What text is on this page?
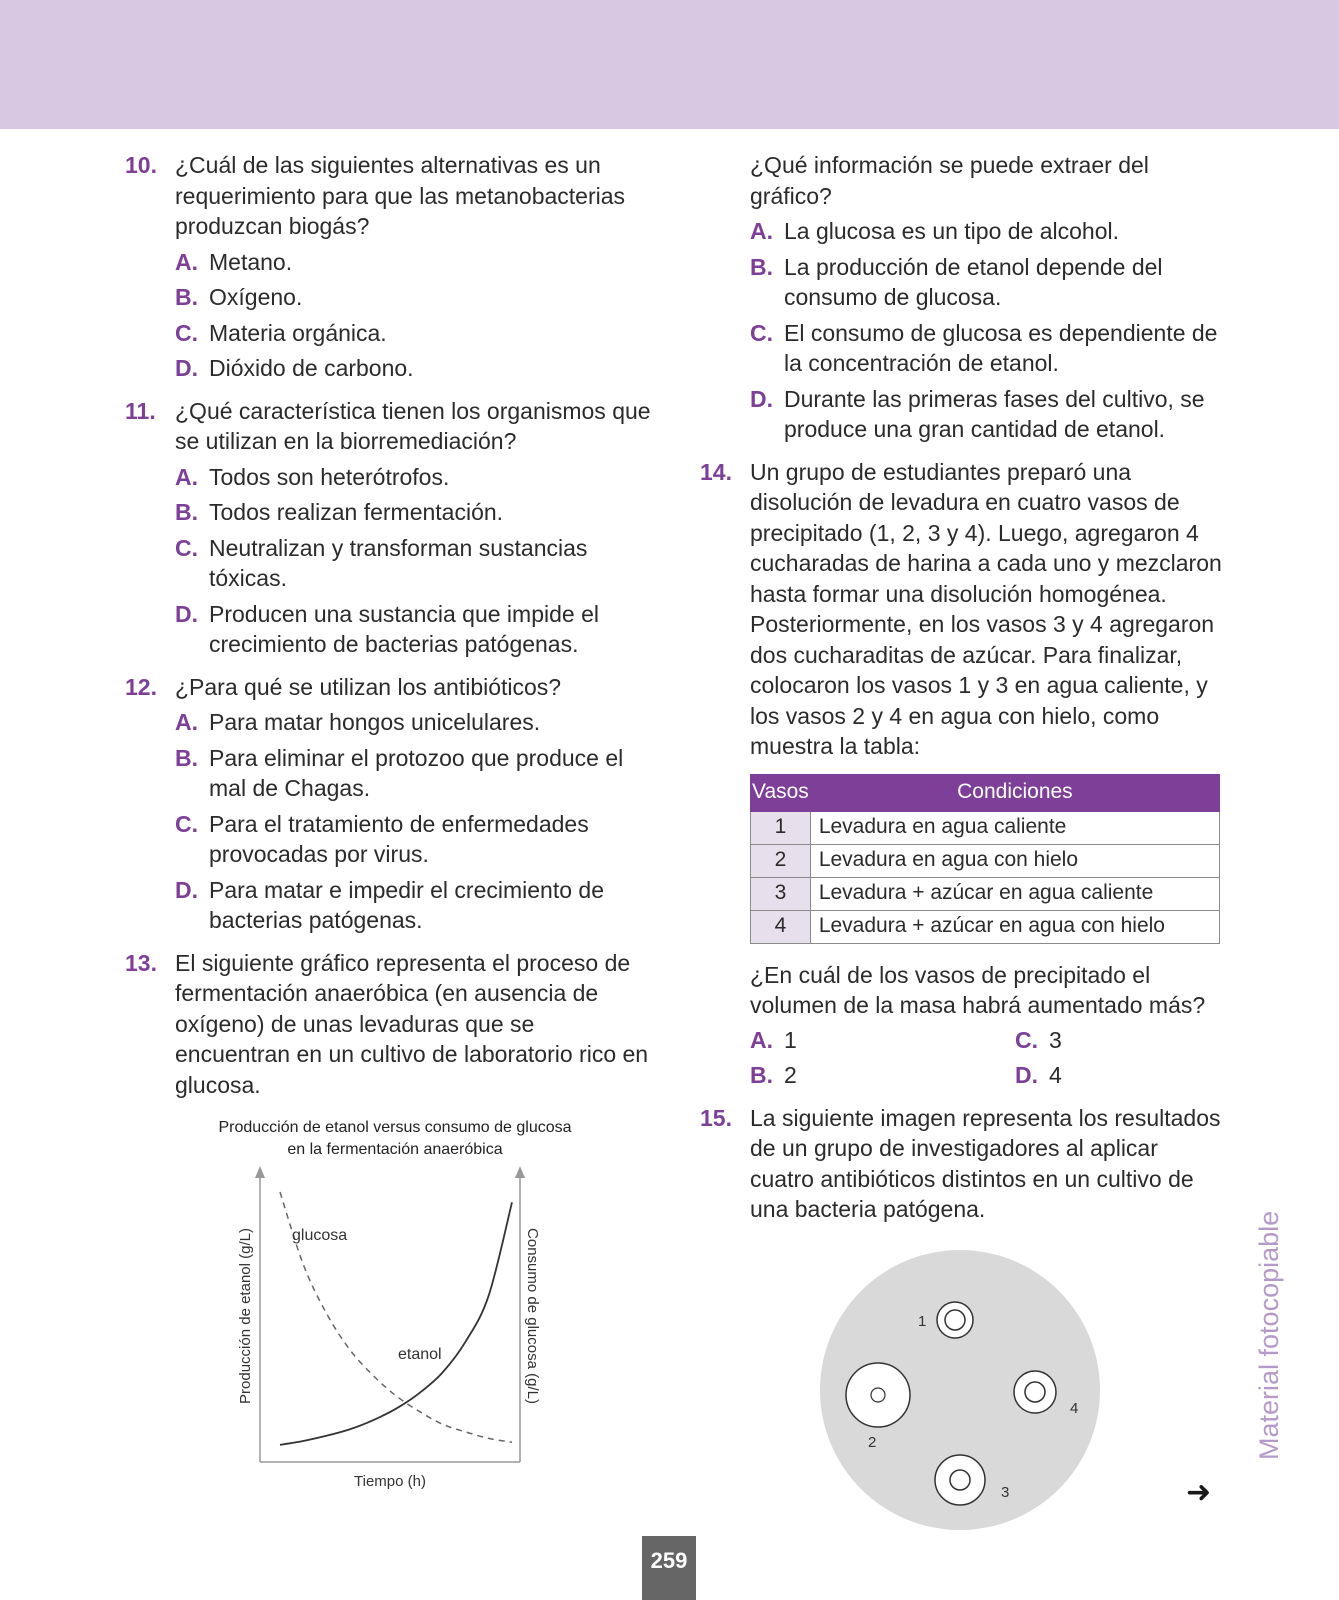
10. ¿Cuál de las siguientes alternativas es un requerimiento para que las metanobacterias produzcan biogás?
A. Metano.
B. Oxígeno.
C. Materia orgánica.
D. Dióxido de carbono.
11. ¿Qué característica tienen los organismos que se utilizan en la biorremediación?
A. Todos son heterótrofos.
B. Todos realizan fermentación.
C. Neutralizan y transforman sustancias tóxicas.
D. Producen una sustancia que impide el crecimiento de bacterias patógenas.
12. ¿Para qué se utilizan los antibióticos?
A. Para matar hongos unicelulares.
B. Para eliminar el protozoo que produce el mal de Chagas.
C. Para el tratamiento de enfermedades provocadas por virus.
D. Para matar e impedir el crecimiento de bacterias patógenas.
13. El siguiente gráfico representa el proceso de fermentación anaeróbica (en ausencia de oxígeno) de unas levaduras que se encuentran en un cultivo de laboratorio rico en glucosa.
Producción de etanol versus consumo de glucosa
en la fermentación anaeróbica
glucosa
etanol
Producción de etanol (g/L)	Consumo de glucosa (g/L)
Tiempo (h)
¿Qué información se puede extraer del gráfico?
A. La glucosa es un tipo de alcohol.
B. La producción de etanol depende del consumo de glucosa.
C. El consumo de glucosa es dependiente de la concentración de etanol.
D. Durante las primeras fases del cultivo, se produce una gran cantidad de etanol.
14. Un grupo de estudiantes preparó una disolución de levadura en cuatro vasos de precipitado (1, 2, 3 y 4). Luego, agregaron 4 cucharadas de harina a cada uno y mezclaron hasta formar una disolución homogénea. Posteriormente, en los vasos 3 y 4 agregaron dos cucharaditas de azúcar. Para finalizar, colocaron los vasos 1 y 3 en agua caliente, y los vasos 2 y 4 en agua con hielo, como muestra la tabla:
Vasos	Condiciones
1	Levadura en agua caliente
2	Levadura en agua con hielo
3	Levadura + azúcar en agua caliente
4	Levadura + azúcar en agua con hielo
¿En cuál de los vasos de precipitado el volumen de la masa habrá aumentado más?
A. 1	C. 3
B. 2	D. 4
15. La siguiente imagen representa los resultados de un grupo de investigadores al aplicar cuatro antibióticos distintos en un cultivo de una bacteria patógena.
1
2
3
4	Material fotocopiable
➜
259
